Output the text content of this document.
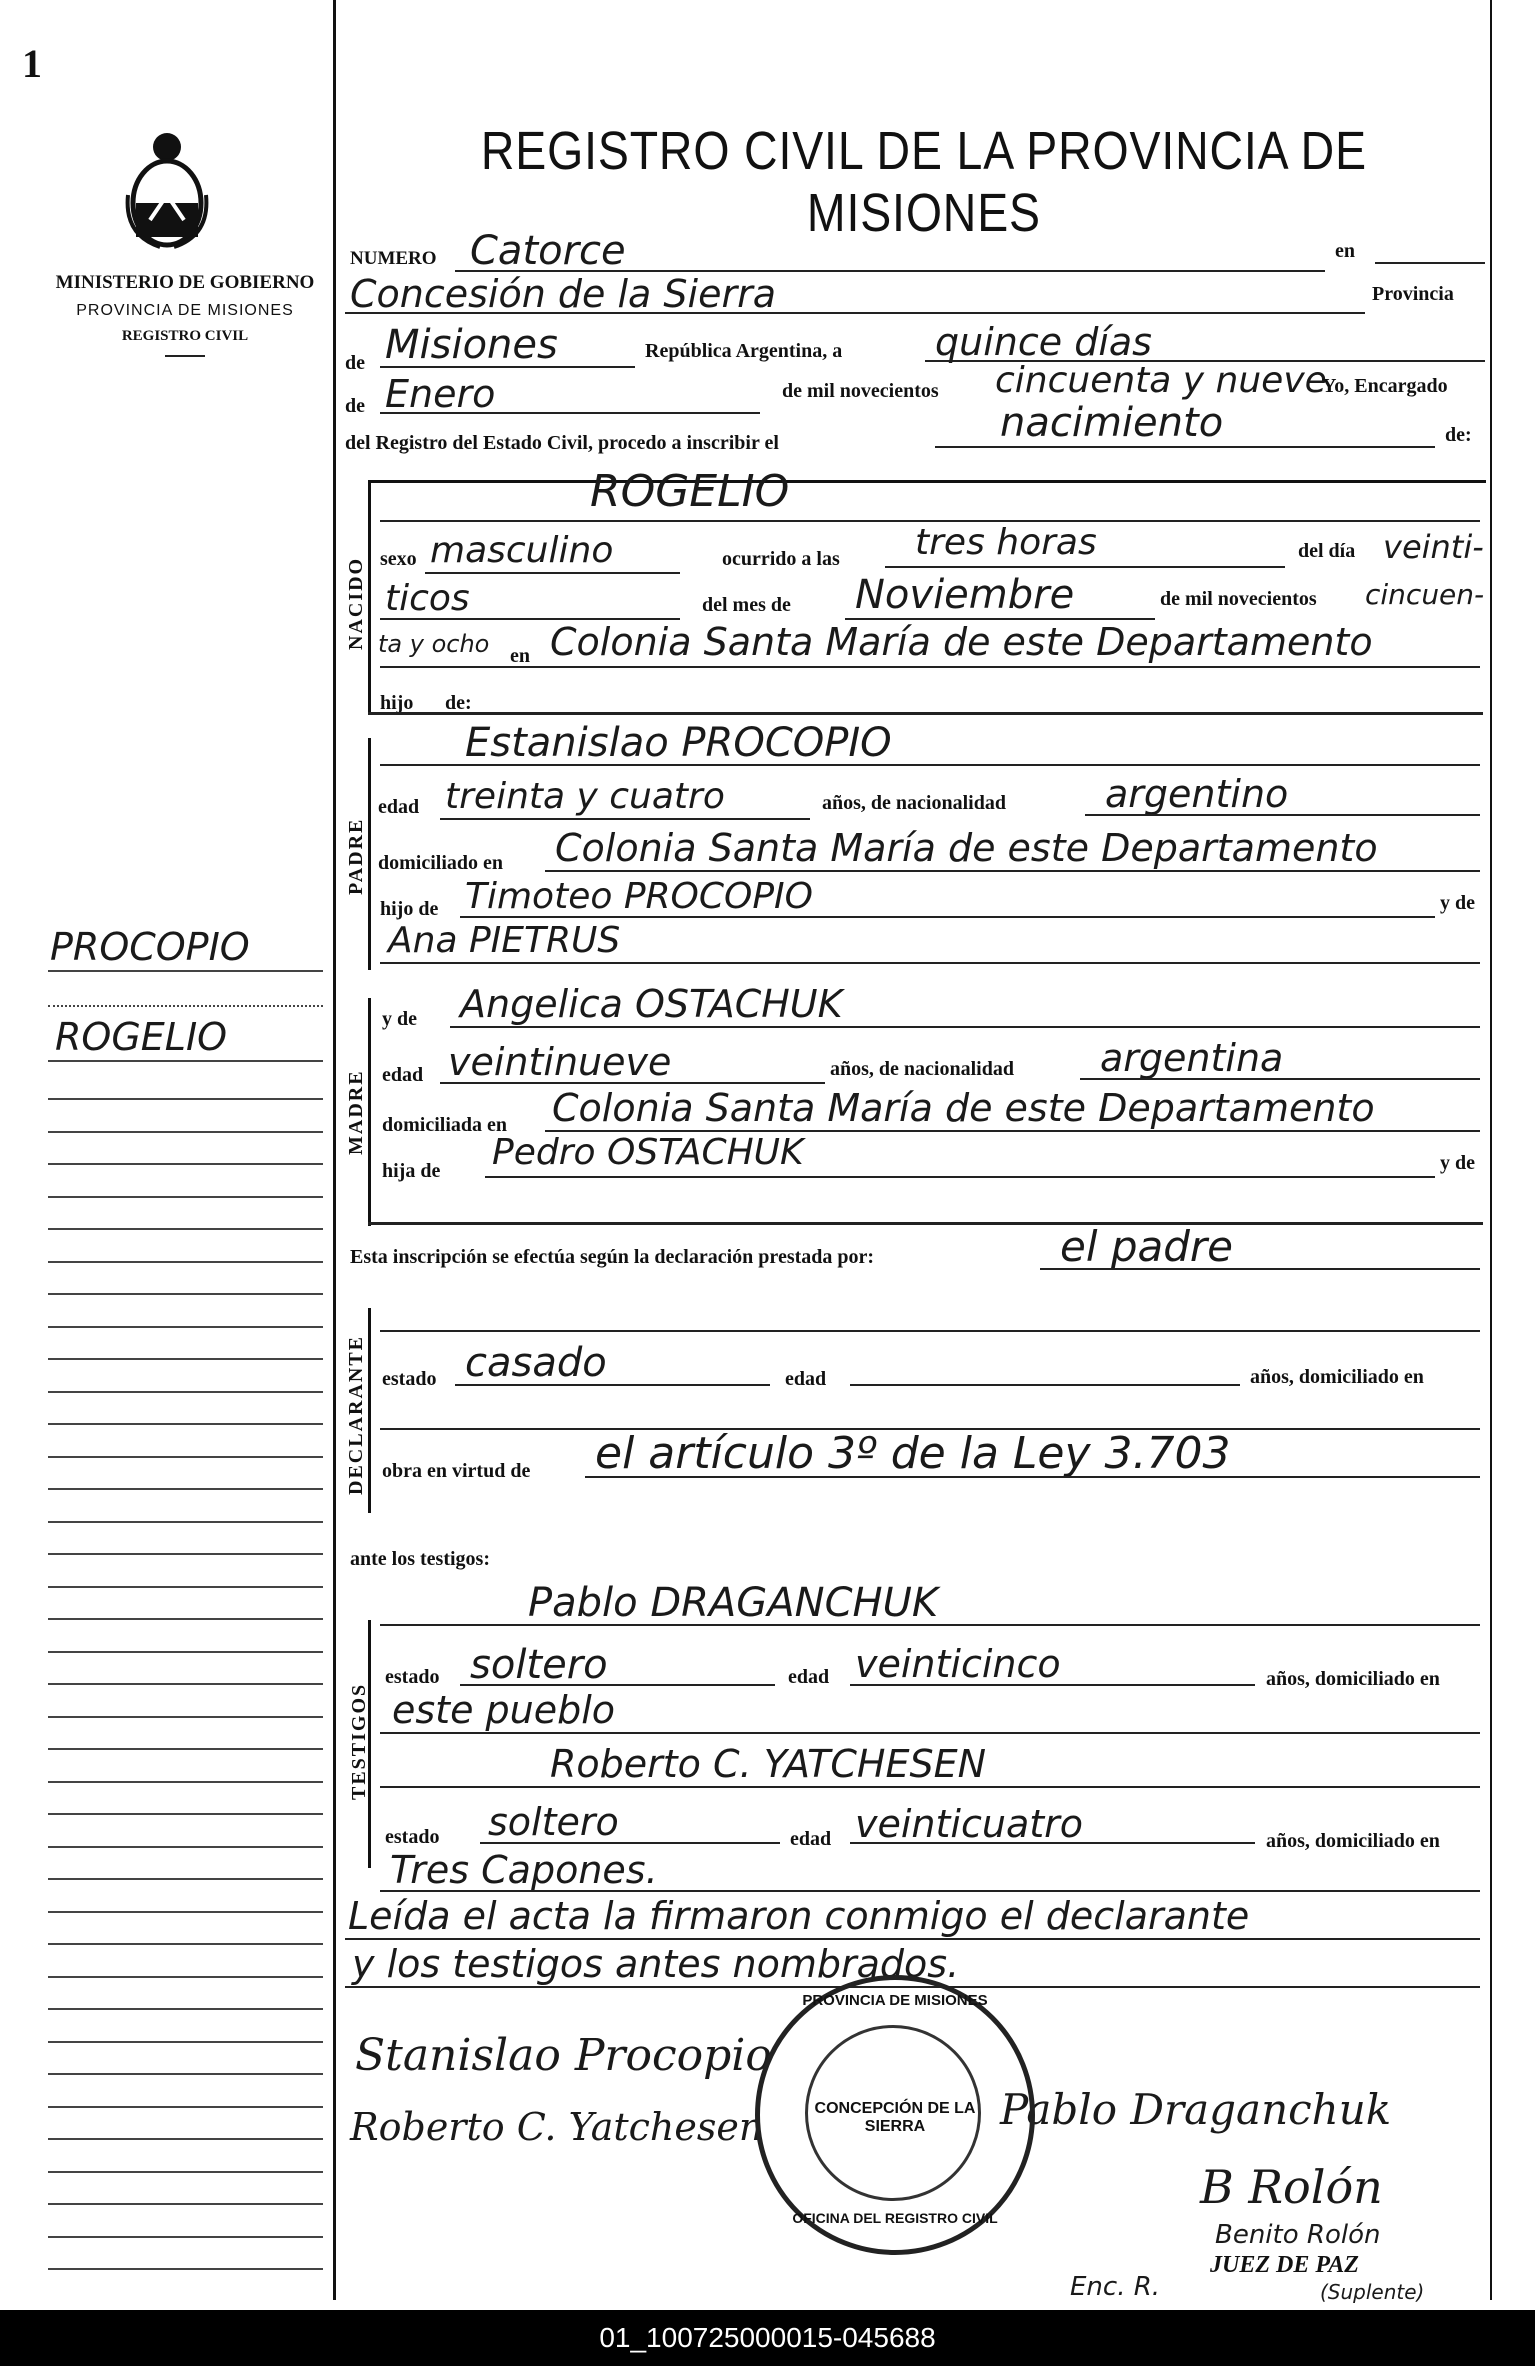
1
MINISTERIO DE GOBIERNO
PROVINCIA DE MISIONES
REGISTRO CIVIL
REGISTRO CIVIL DE LA PROVINCIA DE MISIONES
PROCOPIO
ROGELIO
NUMERO Catorce	en
Concesión de la Sierra	Provincia
de Misiones	República Argentina, a quince días
de Enero	de mil novecientos cincuenta y nueve
Yo, Encargado
del Registro del Estado Civil, procedo a inscribir el	nacimiento	de:
NACIDO
ROGELIO
sexo masculino	ocurrido a las tres horas	del día veinti-
ticos	del mes de Noviembre	de mil novecientos cincuen-
ta y ocho en Colonia Santa María de este Departamento
hijo de:
PADRE
Estanislao PROCOPIO
edad treinta y cuatro	años, de nacionalidad	argentino
domiciliado en Colonia Santa María de este Departamento
hijo de Timoteo PROCOPIO	y de
Ana PIETRUS
MADRE
y de Angelica OSTACHUK
edad veintinueve	años, de nacionalidad argentina
domiciliada en Colonia Santa María de este Departamento
hija de Pedro OSTACHUK	y de
Esta inscripción se efectúa según la declaración prestada por:	el padre
DECLARANTE estado casado	edad	años, domiciliado en
obra en virtud de el artículo 3º de la Ley 3.703
ante los testigos:
TESTIGOS
Pablo DRAGANCHUK
estado soltero	edad veinticinco	años, domiciliado en
este pueblo
Roberto C. YATCHESEN
estado soltero	edad veinticuatro	años, domiciliado en
Tres Capones.
Leída el acta la firmaron conmigo el declarante
y los testigos antes nombrados.
Stanislao Procopio
Roberto C. Yatchesen	Pablo Draganchuk
B Rolón
Benito Rolón
JUEZ DE PAZ
Enc. R.	(Suplente)
PROVINCIA DE MISIONES
CONCEPCIÓN DE LA SIERRA
OFICINA DEL REGISTRO CIVIL
01_100725000015-045688
